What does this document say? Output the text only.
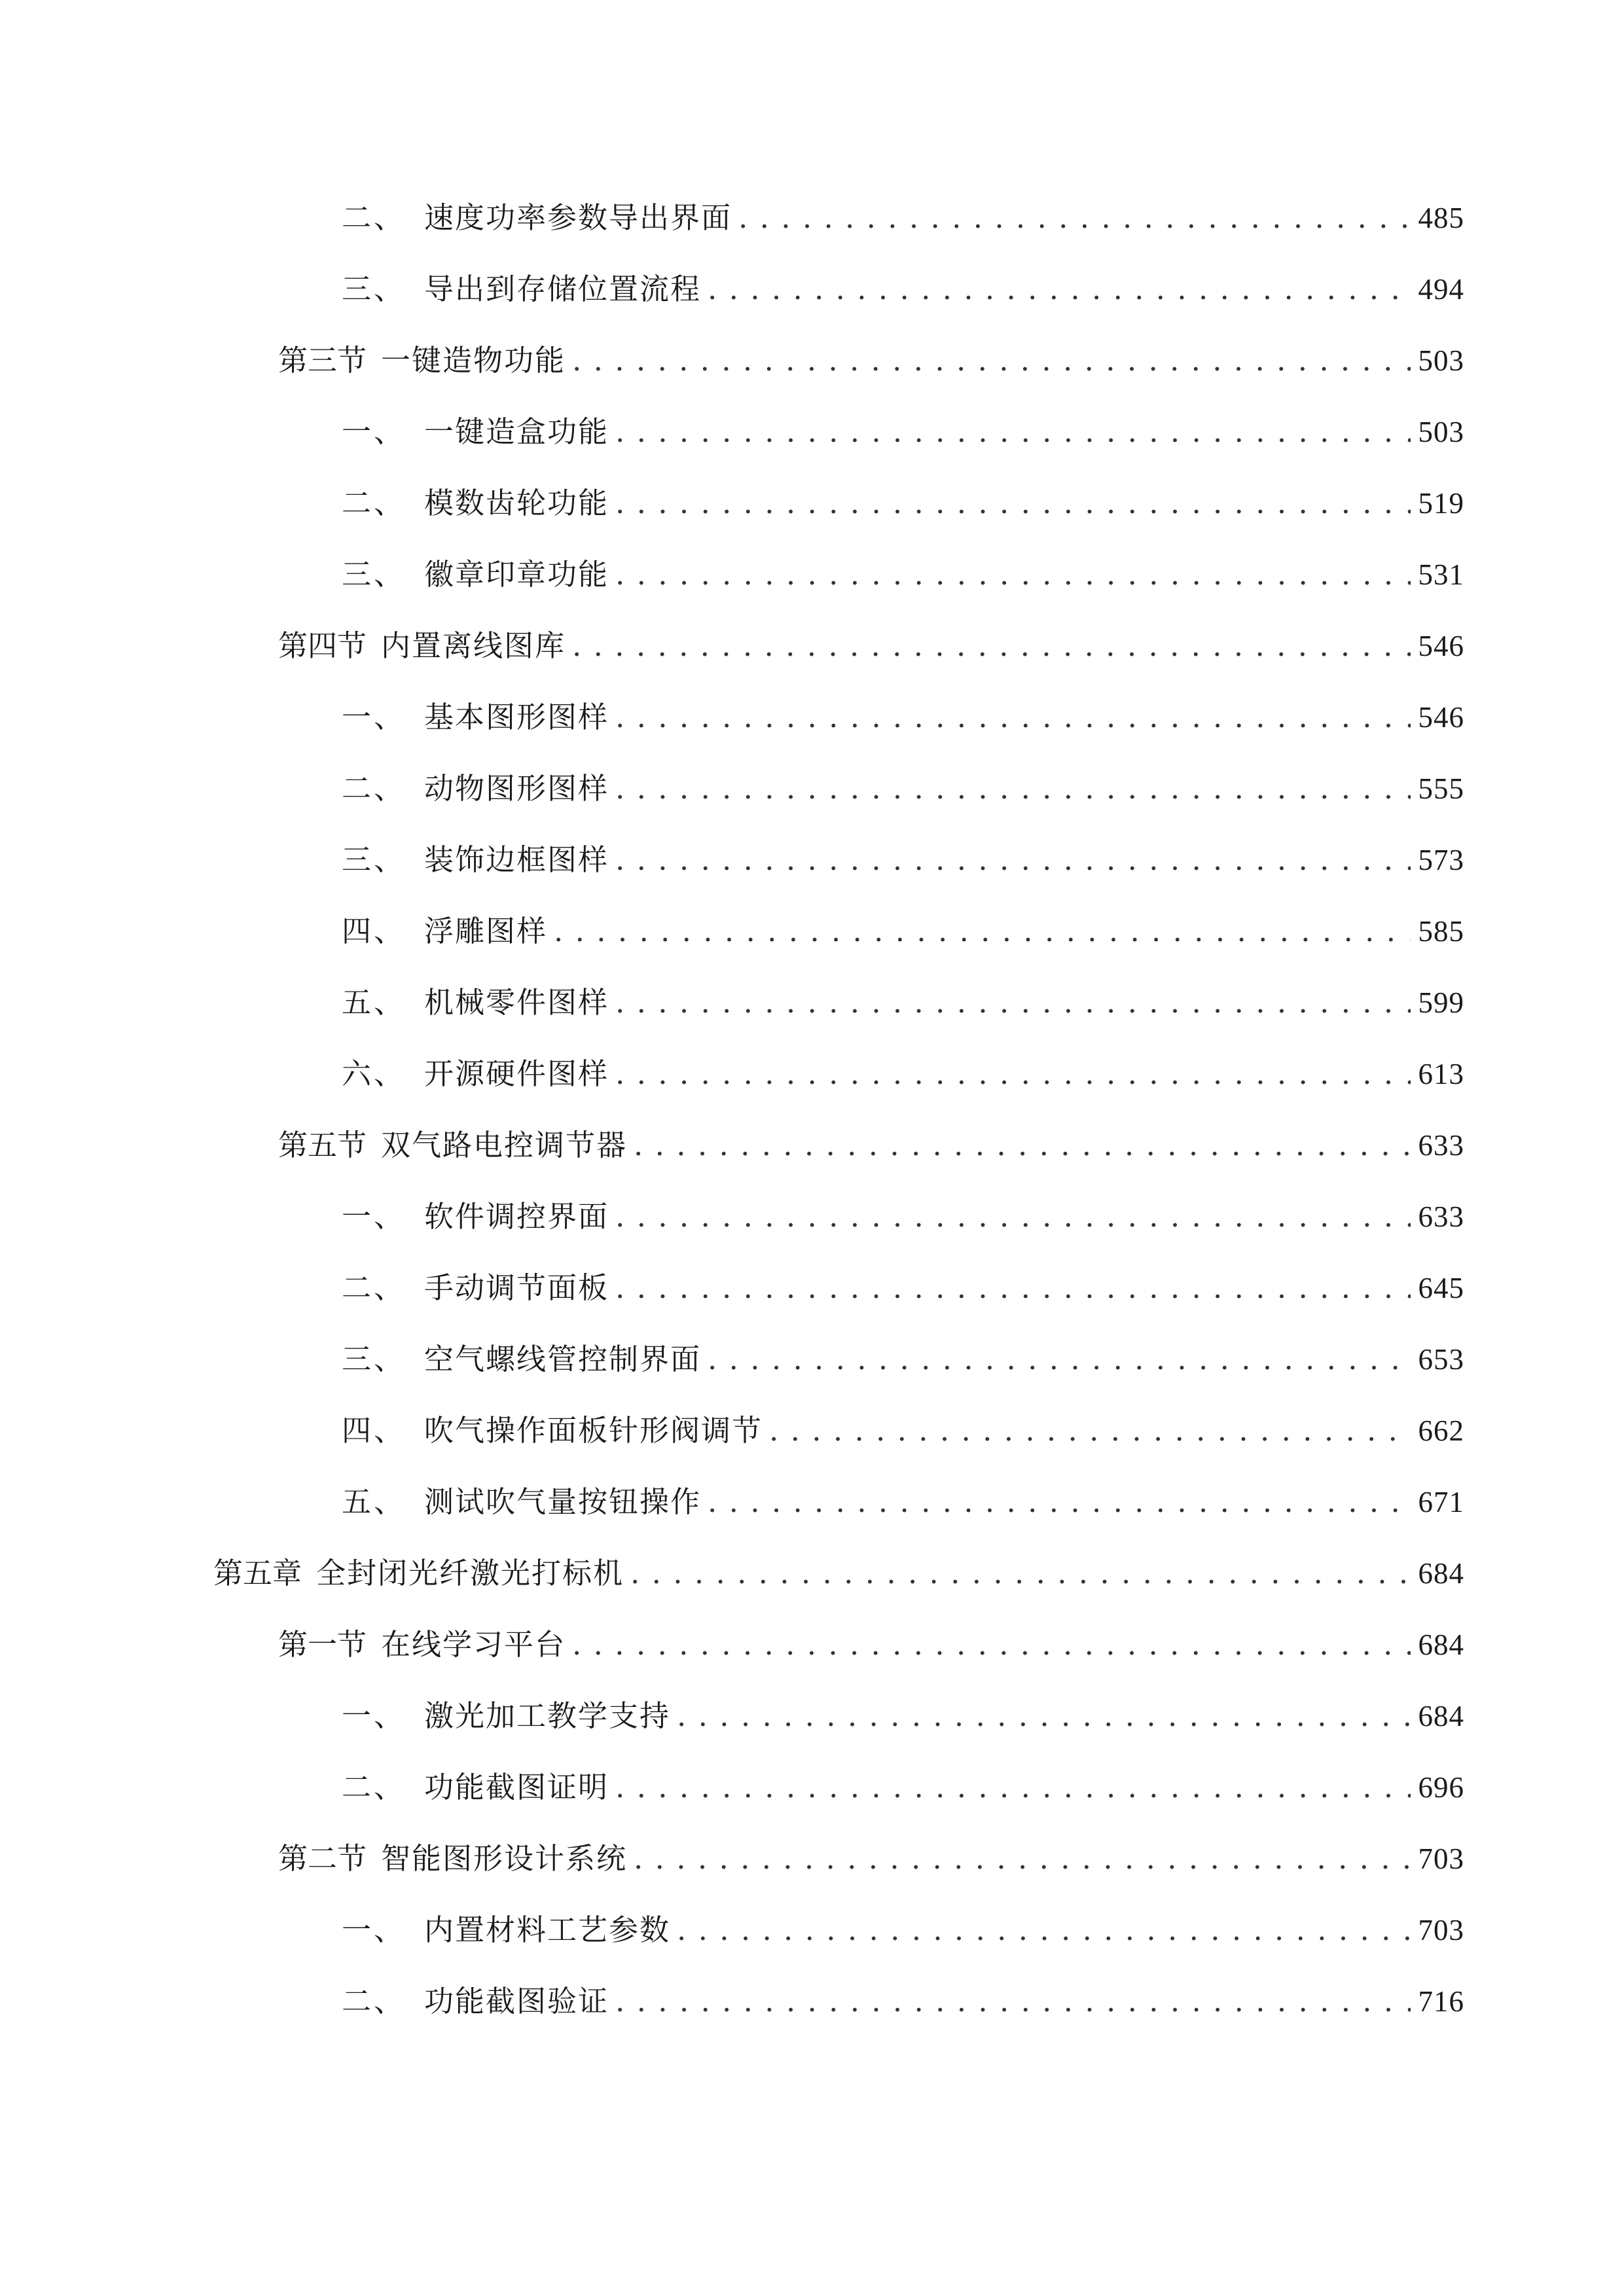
二、 速度功率参数导出界面 . . .	485
三、 导出到存储位置流程 . . .	494
第三节 一键造物功能 . . .	503
一、 一键造盒功能 . . .	503
二、 模数齿轮功能 . . .	519
三、 徽章印章功能 . . .	531
第四节 内置离线图库 . . .	546
一、 基本图形图样 . . .	546
二、 动物图形图样 . . .	555
三、 装饰边框图样 . . .	573
四、 浮雕图样 . . .	585
五、 机械零件图样 . . .	599
六、 开源硬件图样 . . .	613
第五节 双气路电控调节器 . . .	633
一、 软件调控界面 . . .	633
二、 手动调节面板 . . .	645
三、 空气螺线管控制界面 . . .	653
四、 吹气操作面板针形阀调节 . . .	662
五、 测试吹气量按钮操作 . . .	671
第五章 全封闭光纤激光打标机 . . .	684
第一节 在线学习平台 . . .	684
一、 激光加工教学支持 . . .	684
二、 功能截图证明 . . .	696
第二节 智能图形设计系统 . . .	703
一、 内置材料工艺参数 . . .	703
二、 功能截图验证 . . .	716
